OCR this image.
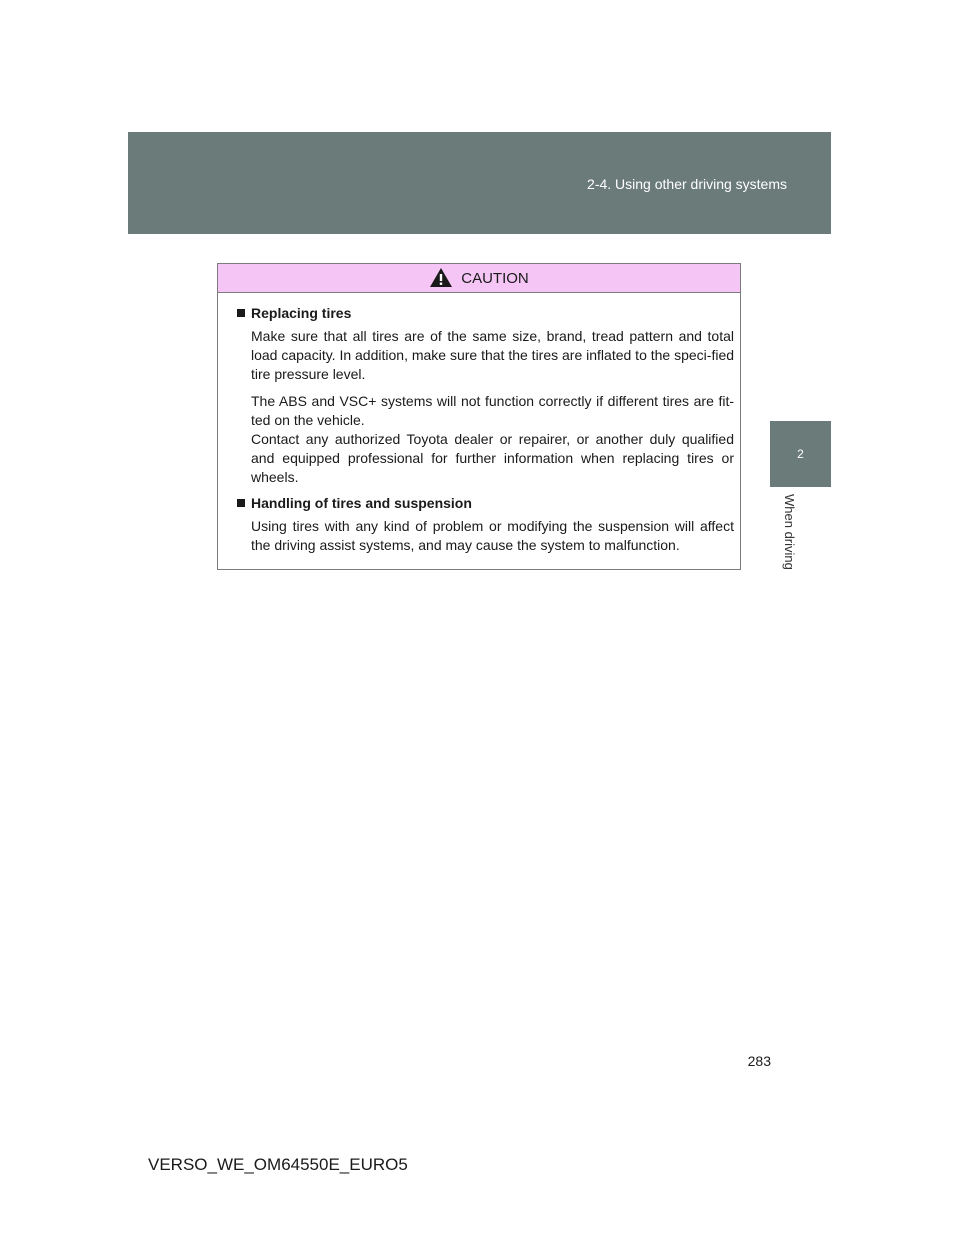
2-4. Using other driving systems
2
When driving
CAUTION
Replacing tires

Make sure that all tires are of the same size, brand, tread pattern and total load capacity. In addition, make sure that the tires are inflated to the speci-fied tire pressure level.

The ABS and VSC+ systems will not function correctly if different tires are fit-ted on the vehicle.

Contact any authorized Toyota dealer or repairer, or another duly qualified and equipped professional for further information when replacing tires or wheels.

Handling of tires and suspension

Using tires with any kind of problem or modifying the suspension will affect the driving assist systems, and may cause the system to malfunction.

283
VERSO_WE_OM64550E_EURO5
